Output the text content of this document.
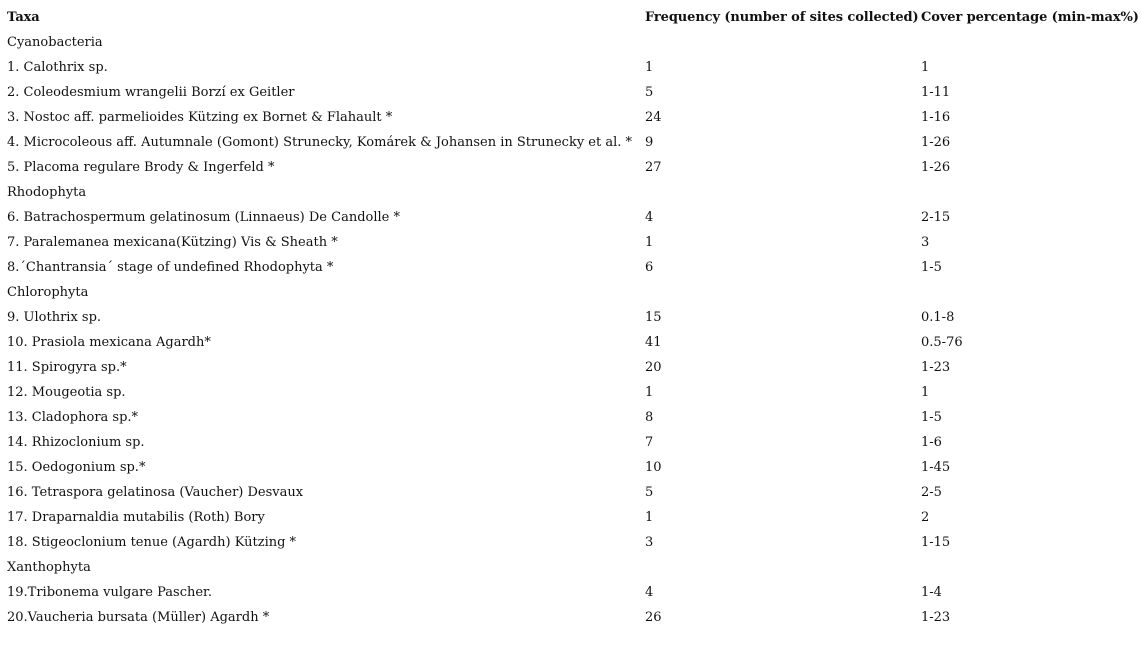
Taxa	Frequency (number of sites collected)	Cover percentage (min-max%)
Cyanobacteria		
1. Calothrix sp.	1	1
2. Coleodesmium wrangelii Borzí ex Geitler	5	1-11
3. Nostoc aff. parmelioides Kützing ex Bornet & Flahault *	24	1-16
4. Microcoleous aff. Autumnale (Gomont) Strunecky, Komárek & Johansen in Strunecky et al. *	9	1-26
5. Placoma regulare Brody & Ingerfeld *	27	1-26
Rhodophyta		
6. Batrachospermum gelatinosum (Linnaeus) De Candolle *	4	2-15
7. Paralemanea mexicana(Kützing) Vis & Sheath *	1	3
8.´Chantransia´ stage of undefined Rhodophyta *	6	1-5
Chlorophyta		
9. Ulothrix sp.	15	0.1-8
10. Prasiola mexicana Agardh*	41	0.5-76
11. Spirogyra sp.*	20	1-23
12. Mougeotia sp.	1	1
13. Cladophora sp.*	8	1-5
14. Rhizoclonium sp.	7	1-6
15. Oedogonium sp.*	10	1-45
16. Tetraspora gelatinosa (Vaucher) Desvaux	5	2-5
17. Draparnaldia mutabilis (Roth) Bory	1	2
18. Stigeoclonium tenue (Agardh) Kützing *	3	1-15
Xanthophyta		
19.Tribonema vulgare Pascher.	4	1-4
20.Vaucheria bursata (Müller) Agardh *	26	1-23
